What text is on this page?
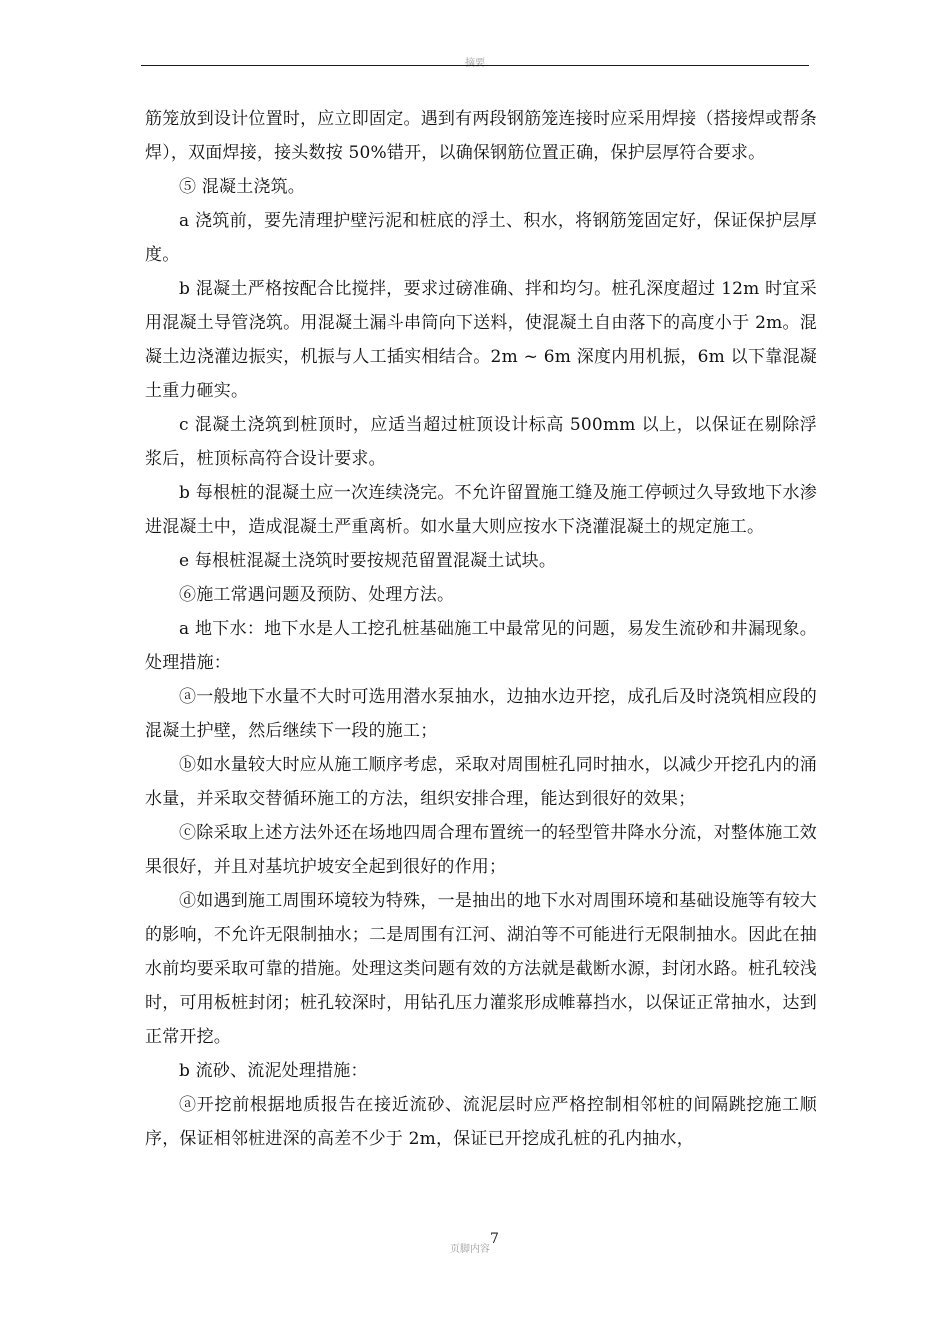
摘要

筋笼放到设计位置时，应立即固定。遇到有两段钢筋笼连接时应采用焊接（搭接焊或帮条焊），双面焊接，接头数按 50%错开，以确保钢筋位置正确，保护层厚符合要求。

⑤ 混凝土浇筑。

a 浇筑前，要先清理护壁污泥和桩底的浮土、积水，将钢筋笼固定好，保证保护层厚度。

b 混凝土严格按配合比搅拌，要求过磅准确、拌和均匀。桩孔深度超过 12m 时宜采用混凝土导管浇筑。用混凝土漏斗串筒向下送料，使混凝土自由落下的高度小于 2m。混凝土边浇灌边振实，机振与人工插实相结合。2m ~ 6m 深度内用机振，6m 以下靠混凝土重力砸实。

c 混凝土浇筑到桩顶时，应适当超过桩顶设计标高 500mm 以上，以保证在剔除浮浆后，桩顶标高符合设计要求。

b 每根桩的混凝土应一次连续浇完。不允许留置施工缝及施工停顿过久导致地下水渗进混凝土中，造成混凝土严重离析。如水量大则应按水下浇灌混凝土的规定施工。

e 每根桩混凝土浇筑时要按规范留置混凝土试块。

⑥施工常遇问题及预防、处理方法。

a 地下水：地下水是人工挖孔桩基础施工中最常见的问题，易发生流砂和井漏现象。处理措施：

ⓐ一般地下水量不大时可选用潜水泵抽水，边抽水边开挖，成孔后及时浇筑相应段的混凝土护壁，然后继续下一段的施工；

ⓑ如水量较大时应从施工顺序考虑，采取对周围桩孔同时抽水，以减少开挖孔内的涌水量，并采取交替循环施工的方法，组织安排合理，能达到很好的效果；

ⓒ除采取上述方法外还在场地四周合理布置统一的轻型管井降水分流，对整体施工效果很好，并且对基坑护坡安全起到很好的作用；

ⓓ如遇到施工周围环境较为特殊，一是抽出的地下水对周围环境和基础设施等有较大的影响，不允许无限制抽水；二是周围有江河、湖泊等不可能进行无限制抽水。因此在抽水前均要采取可靠的措施。处理这类问题有效的方法就是截断水源，封闭水路。桩孔较浅时，可用板桩封闭；桩孔较深时，用钻孔压力灌浆形成帷幕挡水，以保证正常抽水，达到正常开挖。

b 流砂、流泥处理措施：

ⓐ开挖前根据地质报告在接近流砂、流泥层时应严格控制相邻桩的间隔跳挖施工顺序，保证相邻桩进深的高差不少于 2m，保证已开挖成孔桩的孔内抽水，

页脚内容
7
